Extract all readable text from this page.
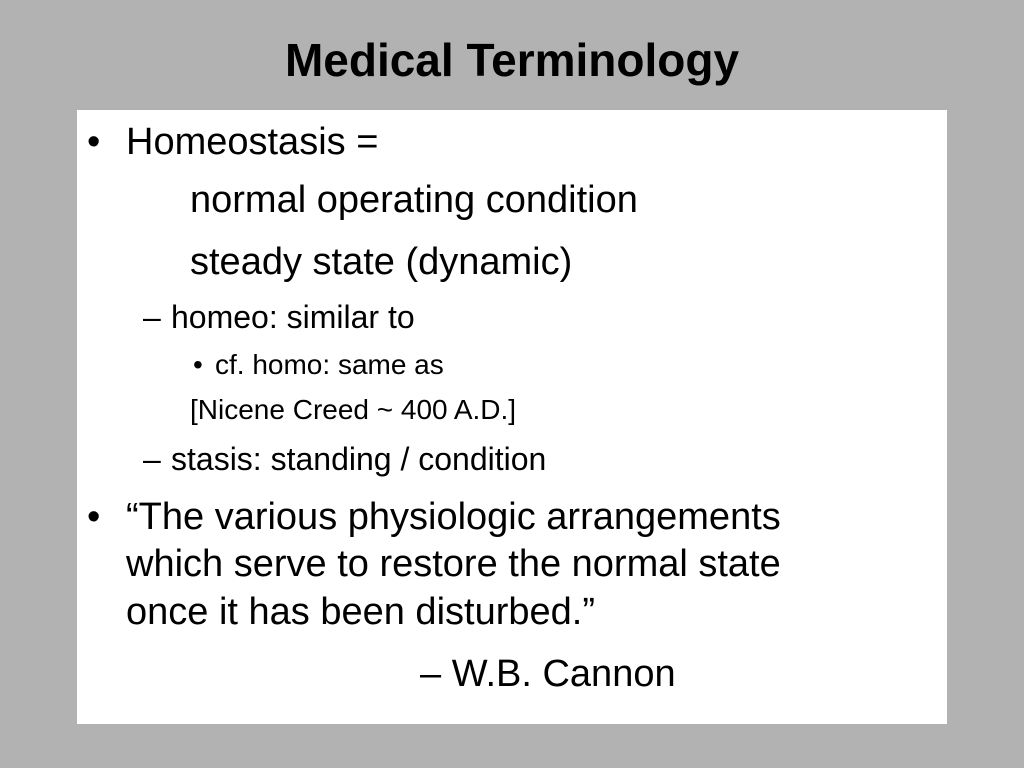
Medical Terminology
• Homeostasis =
normal operating condition
steady state (dynamic)
– homeo: similar to
• cf. homo: same as
[Nicene Creed ~ 400 A.D.]
– stasis: standing / condition
• “The various physiologic arrangements
which serve to restore the normal state
once it has been disturbed.”
– W.B. Cannon
